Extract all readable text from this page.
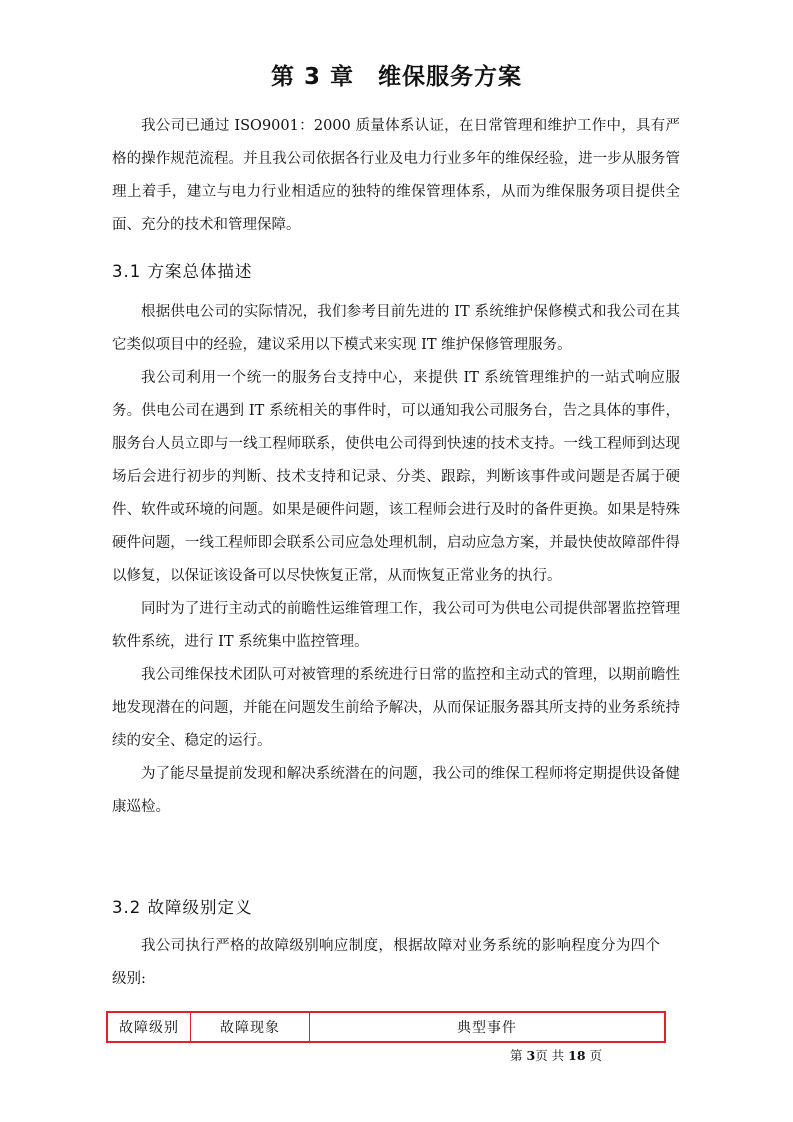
第 3 章　维保服务方案

我公司已通过 ISO9001：2000 质量体系认证，在日常管理和维护工作中，具有严格的操作规范流程。并且我公司依据各行业及电力行业多年的维保经验，进一步从服务管理上着手，建立与电力行业相适应的独特的维保管理体系，从而为维保服务项目提供全面、充分的技术和管理保障。

3.1 方案总体描述

根据供电公司的实际情况，我们参考目前先进的 IT 系统维护保修模式和我公司在其它类似项目中的经验，建议采用以下模式来实现 IT 维护保修管理服务。

我公司利用一个统一的服务台支持中心，来提供 IT 系统管理维护的一站式响应服务。供电公司在遇到 IT 系统相关的事件时，可以通知我公司服务台，告之具体的事件，服务台人员立即与一线工程师联系，使供电公司得到快速的技术支持。一线工程师到达现场后会进行初步的判断、技术支持和记录、分类、跟踪，判断该事件或问题是否属于硬件、软件或环境的问题。如果是硬件问题，该工程师会进行及时的备件更换。如果是特殊硬件问题，一线工程师即会联系公司应急处理机制，启动应急方案，并最快使故障部件得以修复，以保证该设备可以尽快恢复正常，从而恢复正常业务的执行。

同时为了进行主动式的前瞻性运维管理工作，我公司可为供电公司提供部署监控管理软件系统，进行 IT 系统集中监控管理。

我公司维保技术团队可对被管理的系统进行日常的监控和主动式的管理，以期前瞻性地发现潜在的问题，并能在问题发生前给予解决，从而保证服务器其所支持的业务系统持续的安全、稳定的运行。

为了能尽量提前发现和解决系统潜在的问题，我公司的维保工程师将定期提供设备健康巡检。

3.2 故障级别定义

我公司执行严格的故障级别响应制度，根据故障对业务系统的影响程度分为四个级别:

故障级别	故障现象	典型事件
第 3页 共 18 页
